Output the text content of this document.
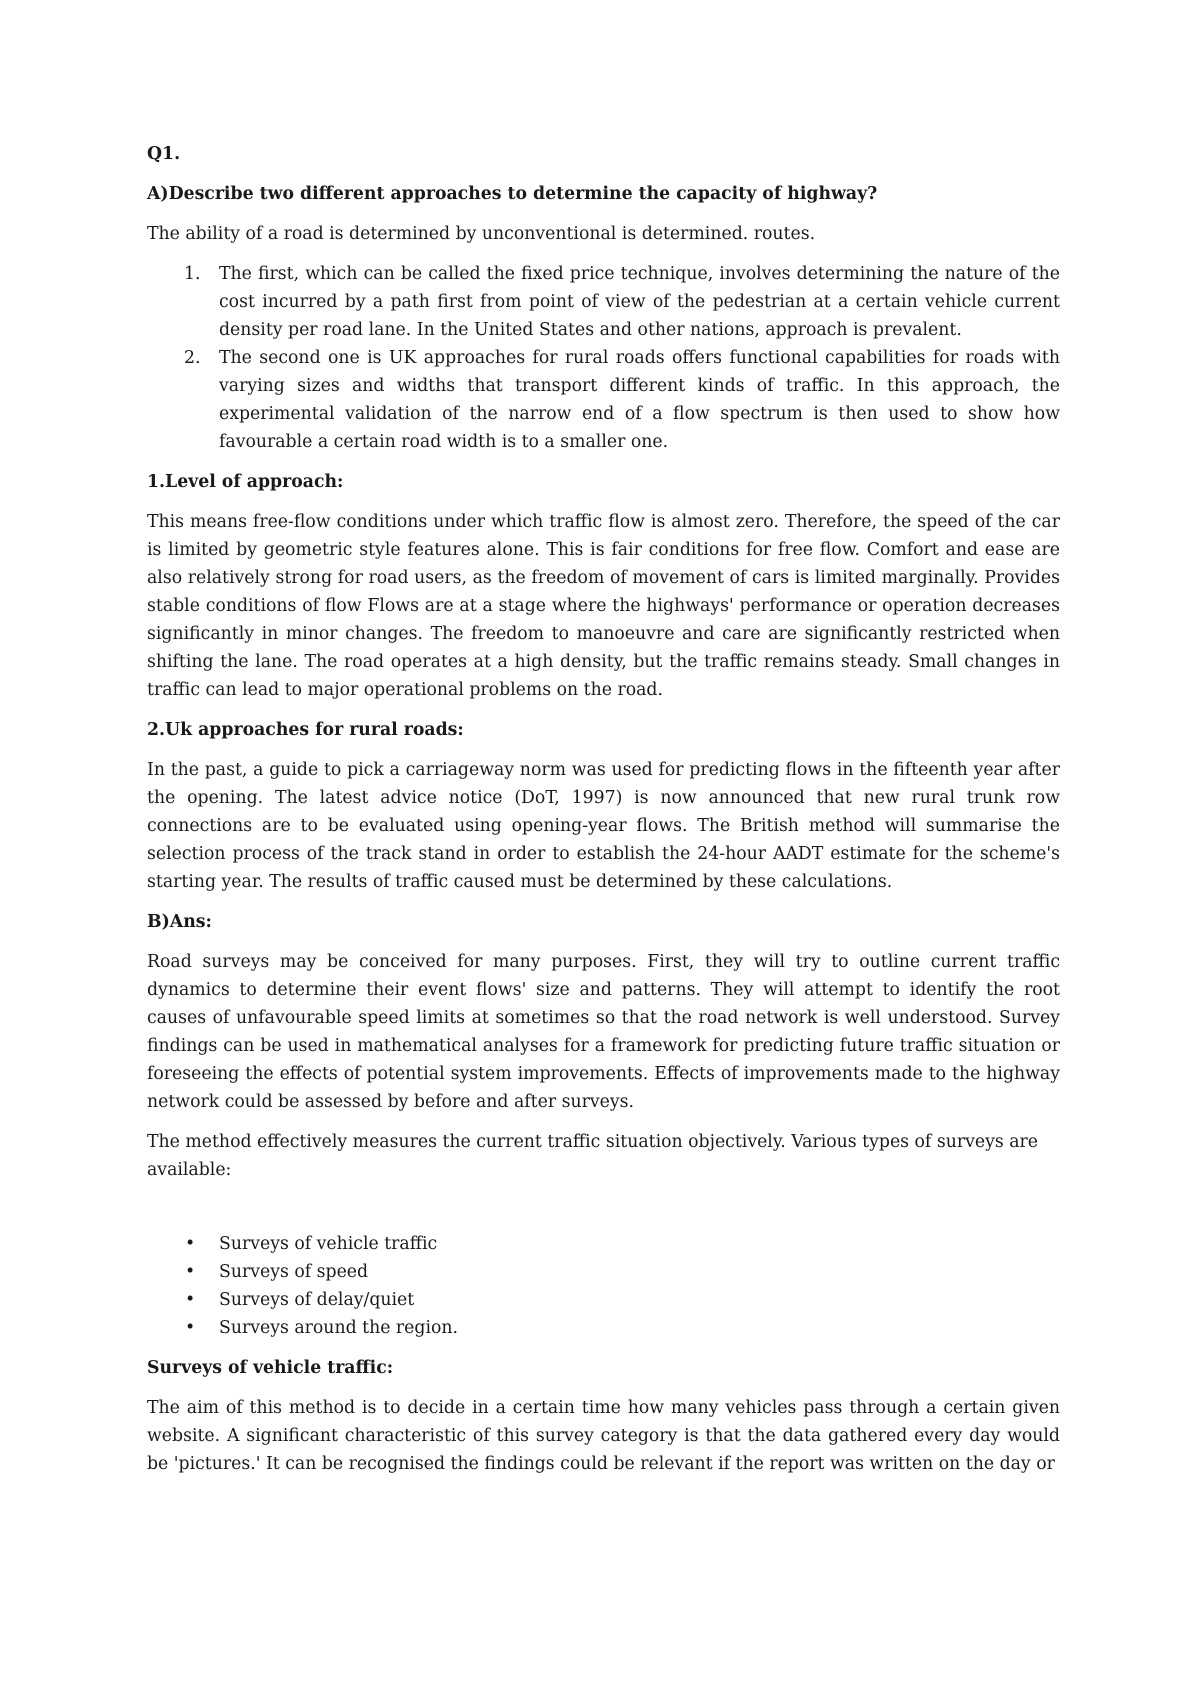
Q1.

A)Describe two different approaches to determine the capacity of highway?

The ability of a road is determined by unconventional is determined. routes.

1. The first, which can be called the fixed price technique, involves determining the nature of the cost incurred by a path first from point of view of the pedestrian at a certain vehicle current density per road lane. In the United States and other nations, approach is prevalent.
2. The second one is UK approaches for rural roads offers functional capabilities for roads with varying sizes and widths that transport different kinds of traffic. In this approach, the experimental validation of the narrow end of a flow spectrum is then used to show how favourable a certain road width is to a smaller one.

1.Level of approach:

This means free-flow conditions under which traffic flow is almost zero. Therefore, the speed of the car is limited by geometric style features alone. This is fair conditions for free flow. Comfort and ease are also relatively strong for road users, as the freedom of movement of cars is limited marginally. Provides stable conditions of flow Flows are at a stage where the highways' performance or operation decreases significantly in minor changes. The freedom to manoeuvre and care are significantly restricted when shifting the lane. The road operates at a high density, but the traffic remains steady. Small changes in traffic can lead to major operational problems on the road.

2.Uk approaches for rural roads:

In the past, a guide to pick a carriageway norm was used for predicting flows in the fifteenth year after the opening. The latest advice notice (DoT, 1997) is now announced that new rural trunk row connections are to be evaluated using opening-year flows. The British method will summarise the selection process of the track stand in order to establish the 24-hour AADT estimate for the scheme's starting year. The results of traffic caused must be determined by these calculations.

B)Ans:

Road surveys may be conceived for many purposes. First, they will try to outline current traffic dynamics to determine their event flows' size and patterns. They will attempt to identify the root causes of unfavourable speed limits at sometimes so that the road network is well understood. Survey findings can be used in mathematical analyses for a framework for predicting future traffic situation or foreseeing the effects of potential system improvements. Effects of improvements made to the highway network could be assessed by before and after surveys.

The method effectively measures the current traffic situation objectively. Various types of surveys are available:

• Surveys of vehicle traffic
• Surveys of speed
• Surveys of delay/quiet
• Surveys around the region.

Surveys of vehicle traffic:

The aim of this method is to decide in a certain time how many vehicles pass through a certain given website. A significant characteristic of this survey category is that the data gathered every day would be 'pictures.' It can be recognised the findings could be relevant if the report was written on the day or
